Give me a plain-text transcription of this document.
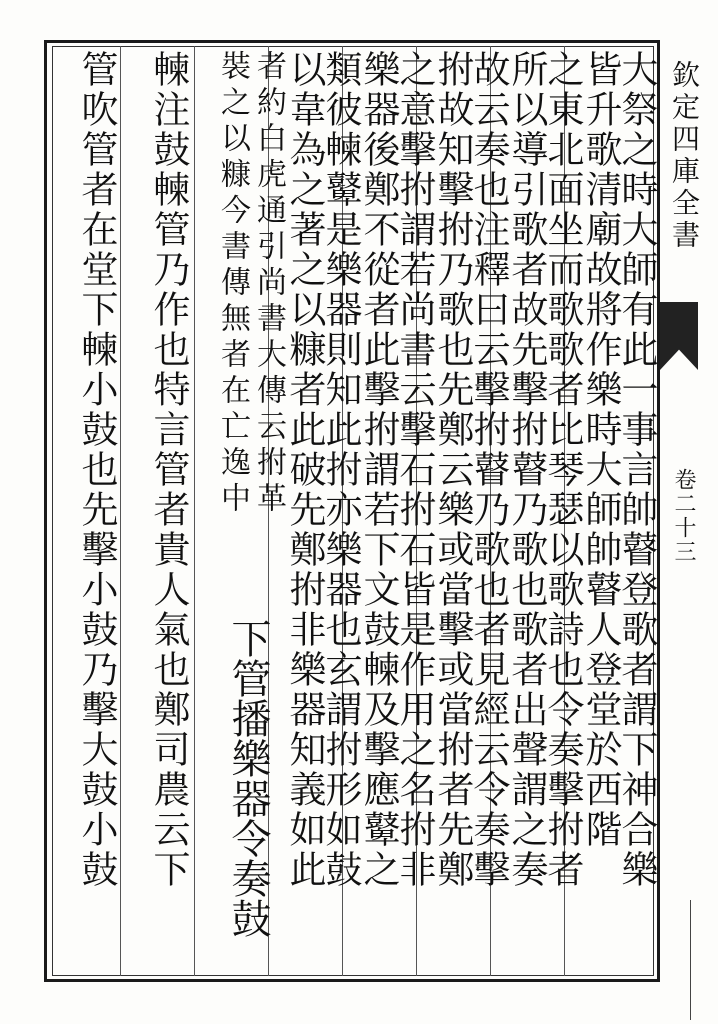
大祭之時大師有此一事言帥瞽登歌者謂下神合樂
皆升歌清廟故將作樂時大師帥瞽人登堂於西階
之東北面坐而歌歌者比琴瑟以歌詩也令奏擊拊者
所以導引歌者故先擊拊瞽乃歌也歌者出聲謂之奏
故云奏也注釋曰云擊拊瞽乃歌也者見經云令奏擊
拊故知擊拊乃歌也先鄭云樂或當擊或當拊者先鄭
之意擊拊謂若尚書云擊石拊石皆是作用之名拊非
樂器後鄭不從者此擊拊謂若下文鼓朄及擊應鼙之
類彼朄鼙是樂器則知此拊亦樂器也玄謂拊形如鼓
以韋為之著之以糠者此破先鄭拊非樂器知義如此
者約白虎通引尚書大傳云拊革
裝之以糠今書傳無者在亡逸中
下管播樂器令奏鼓
朄注鼓朄管乃作也特言管者貴人氣也鄭司農云下
管吹管者在堂下朄小鼓也先擊小鼓乃擊大鼓小鼓	欽定四庫全書
卷二十三
